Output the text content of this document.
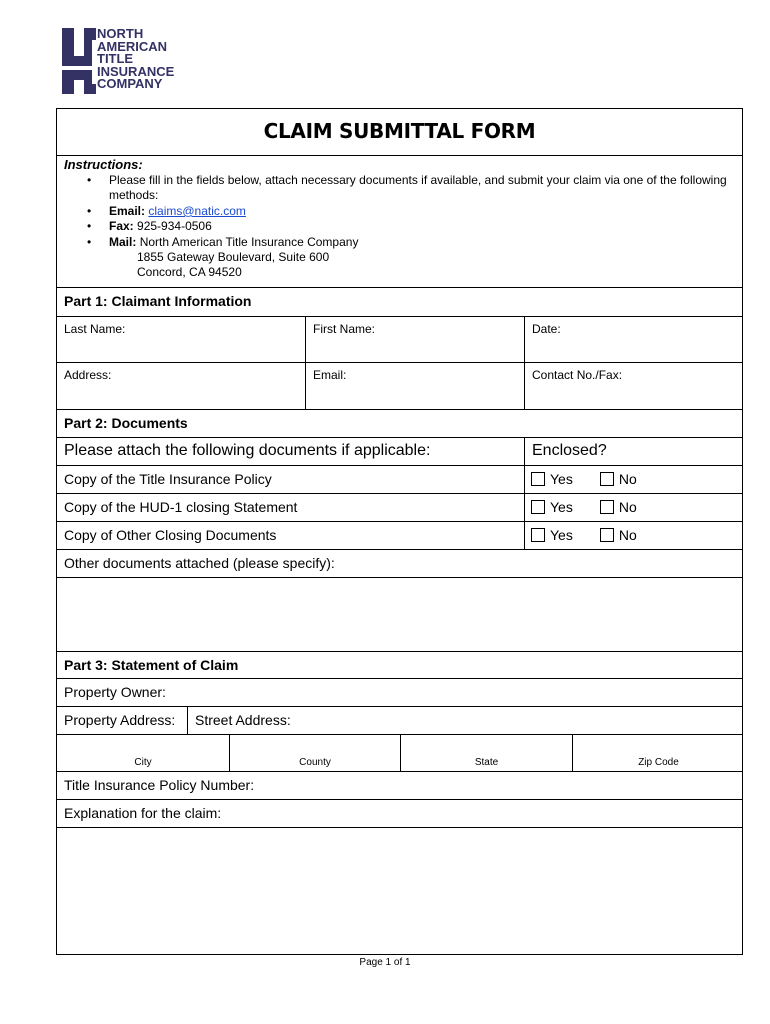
NORTH
AMERICAN
TITLE
INSURANCE
COMPANY
CLAIM SUBMITTAL FORM
Instructions:
• Please fill in the fields below, attach necessary documents if available, and submit your claim via one of the following methods:
• Email: claims@natic.com
• Fax: 925-934-0506
• Mail: North American Title Insurance Company
1855 Gateway Boulevard, Suite 600
Concord, CA 94520
Part 1: Claimant Information
Last Name:	First Name:	Date:
Address:	Email:	Contact No./Fax:
Part 2: Documents
Please attach the following documents if applicable:	Enclosed?
Copy of the Title Insurance Policy	Yes	No
Copy of the HUD-1 closing Statement	Yes	No
Copy of Other Closing Documents	Yes	No
Other documents attached (please specify):
Part 3: Statement of Claim
Property Owner:
Property Address: Street Address:
City	County	State	Zip Code
Title Insurance Policy Number:
Explanation for the claim:
Page 1 of 1
